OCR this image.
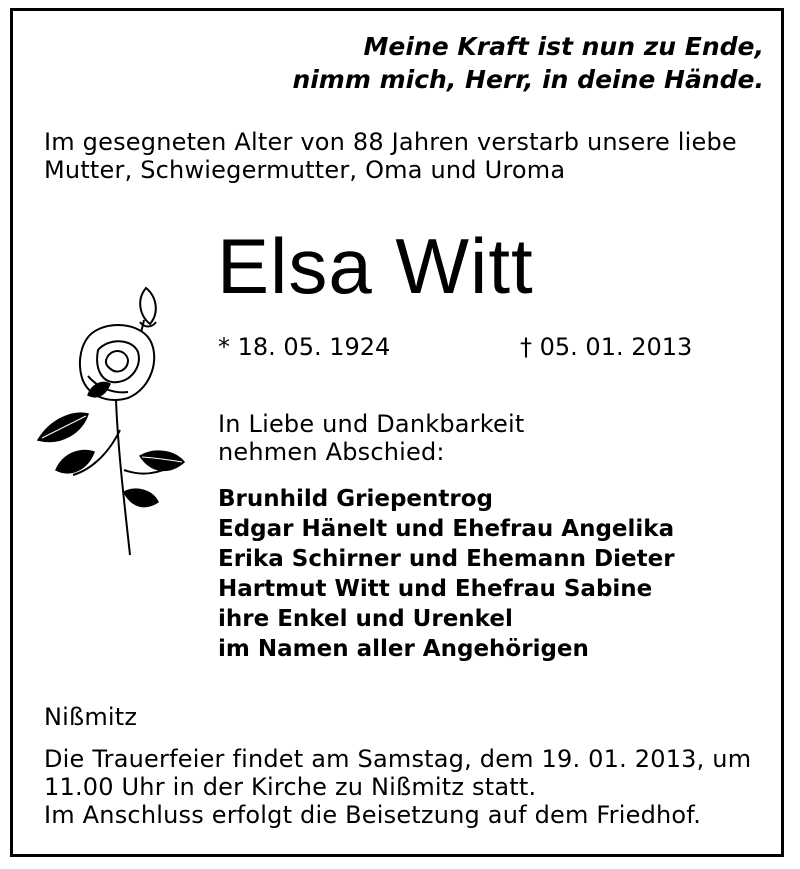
Meine Kraft ist nun zu Ende,
nimm mich, Herr, in deine Hände.
Im gesegneten Alter von 88 Jahren verstarb unsere liebe
Mutter, Schwiegermutter, Oma und Uroma
Elsa Witt
* 18. 05. 1924	† 05. 01. 2013
In Liebe und Dankbarkeit
nehmen Abschied:
Brunhild Griepentrog
Edgar Hänelt und Ehefrau Angelika
Erika Schirner und Ehemann Dieter
Hartmut Witt und Ehefrau Sabine
ihre Enkel und Urenkel
im Namen aller Angehörigen
Nißmitz
Die Trauerfeier findet am Samstag, dem 19. 01. 2013, um
11.00 Uhr in der Kirche zu Nißmitz statt.
Im Anschluss erfolgt die Beisetzung auf dem Friedhof.
